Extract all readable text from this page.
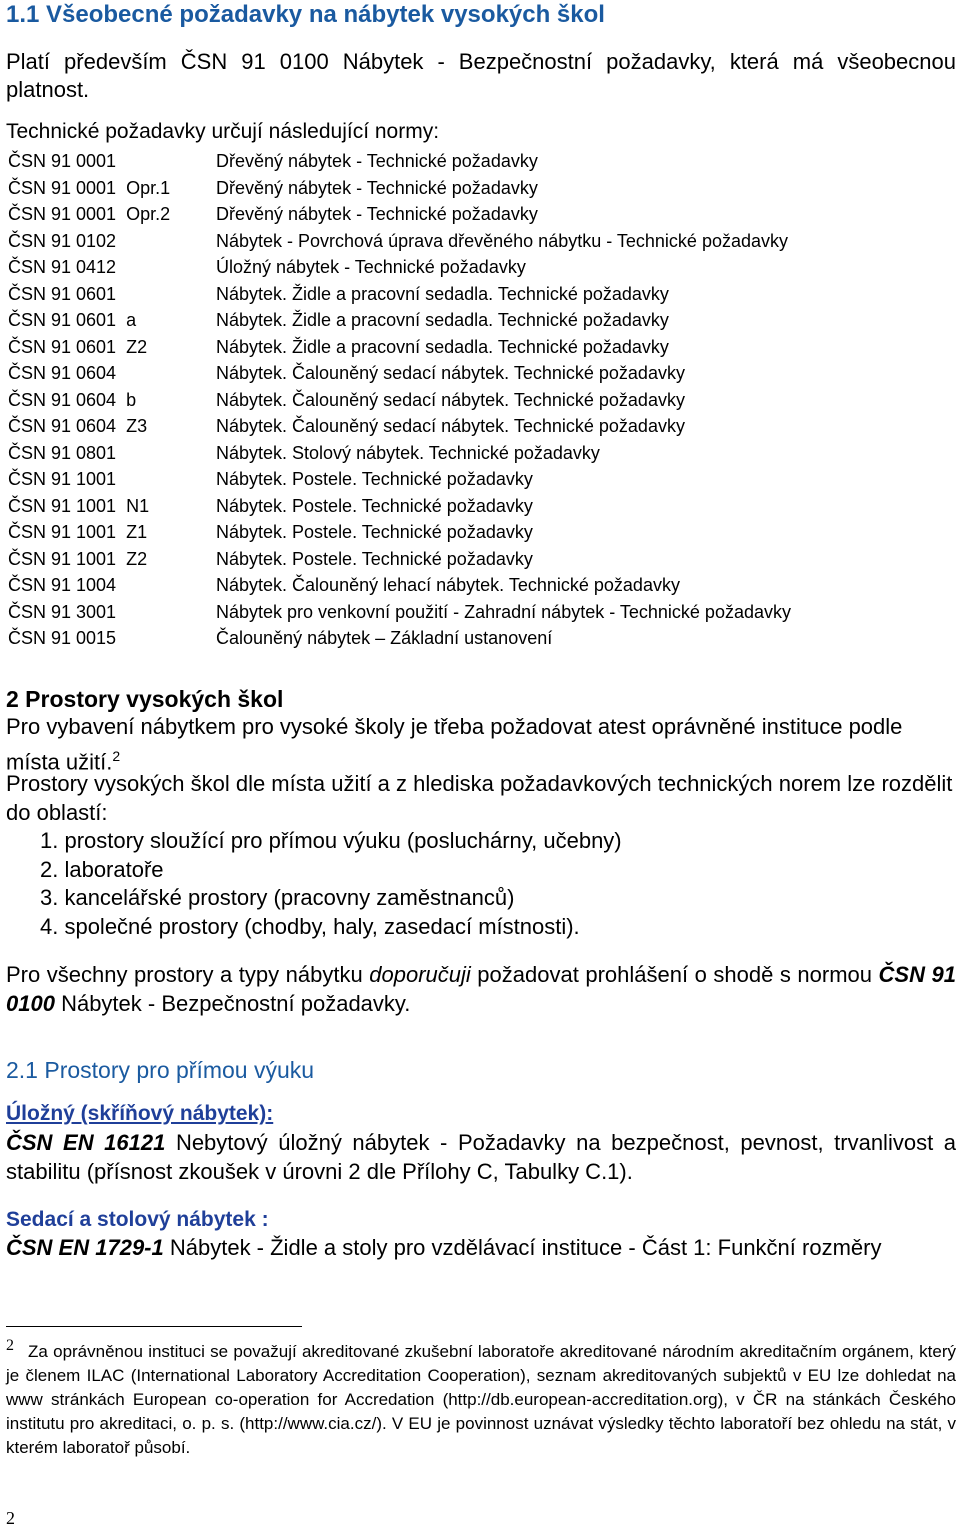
1.1 Všeobecné požadavky na nábytek vysokých škol

Platí především ČSN 91 0100 Nábytek - Bezpečnostní požadavky, která má všeobecnou platnost.

Technické požadavky určují následující normy:

ČSN 91 0001	Dřevěný nábytek - Technické požadavky
ČSN 91 0001  Opr.1	Dřevěný nábytek - Technické požadavky
ČSN 91 0001  Opr.2	Dřevěný nábytek - Technické požadavky
ČSN 91 0102	Nábytek - Povrchová úprava dřevěného nábytku - Technické požadavky
ČSN 91 0412	Úložný nábytek - Technické požadavky
ČSN 91 0601	Nábytek. Židle a pracovní sedadla. Technické požadavky
ČSN 91 0601  a	Nábytek. Židle a pracovní sedadla. Technické požadavky
ČSN 91 0601  Z2	Nábytek. Židle a pracovní sedadla. Technické požadavky
ČSN 91 0604	Nábytek. Čalouněný sedací nábytek. Technické požadavky
ČSN 91 0604  b	Nábytek. Čalouněný sedací nábytek. Technické požadavky
ČSN 91 0604  Z3	Nábytek. Čalouněný sedací nábytek. Technické požadavky
ČSN 91 0801	Nábytek. Stolový nábytek. Technické požadavky
ČSN 91 1001	Nábytek. Postele. Technické požadavky
ČSN 91 1001  N1	Nábytek. Postele. Technické požadavky
ČSN 91 1001  Z1	Nábytek. Postele. Technické požadavky
ČSN 91 1001  Z2	Nábytek. Postele. Technické požadavky
ČSN 91 1004	Nábytek. Čalouněný lehací nábytek. Technické požadavky
ČSN 91 3001	Nábytek pro venkovní použití - Zahradní nábytek - Technické požadavky
ČSN 91 0015	Čalouněný nábytek – Základní ustanovení
2 Prostory vysokých škol

Pro vybavení nábytkem pro vysoké školy je třeba požadovat atest oprávněné instituce podle místa užití.$^2$

Prostory vysokých škol dle místa užití a z hlediska požadavkových technických norem lze rozdělit do oblastí:

1. prostory sloužící pro přímou výuku (posluchárny, učebny)
2. laboratoře
3. kancelářské prostory (pracovny zaměstnanců)
4. společné prostory (chodby, haly, zasedací místnosti).

Pro všechny prostory a typy nábytku doporučuji požadovat prohlášení o shodě s normou ČSN 91 0100 Nábytek - Bezpečnostní požadavky.

2.1 Prostory pro přímou výuku

Úložný (skříňový nábytek):

ČSN EN 16121 Nebytový úložný nábytek - Požadavky na bezpečnost, pevnost, trvanlivost a stabilitu (přísnost zkoušek v úrovni 2 dle Přílohy C, Tabulky C.1).

Sedací a stolový nábytek :

ČSN EN 1729-1 Nábytek - Židle a stoly pro vzdělávací instituce - Část 1: Funkční rozměry

2 Za oprávněnou instituci se považují akreditované zkušební laboratoře akreditované národním akreditačním orgánem, který je členem ILAC (International Laboratory Accreditation Cooperation), seznam akreditovaných subjektů v EU lze dohledat na www stránkách European co-operation for Accredation (http://db.european-accreditation.org), v ČR na stánkách Českého institutu pro akreditaci, o. p. s. (http://www.cia.cz/). V EU je povinnost uznávat výsledky těchto laboratoří bez ohledu na stát, v kterém laboratoř působí.

2
